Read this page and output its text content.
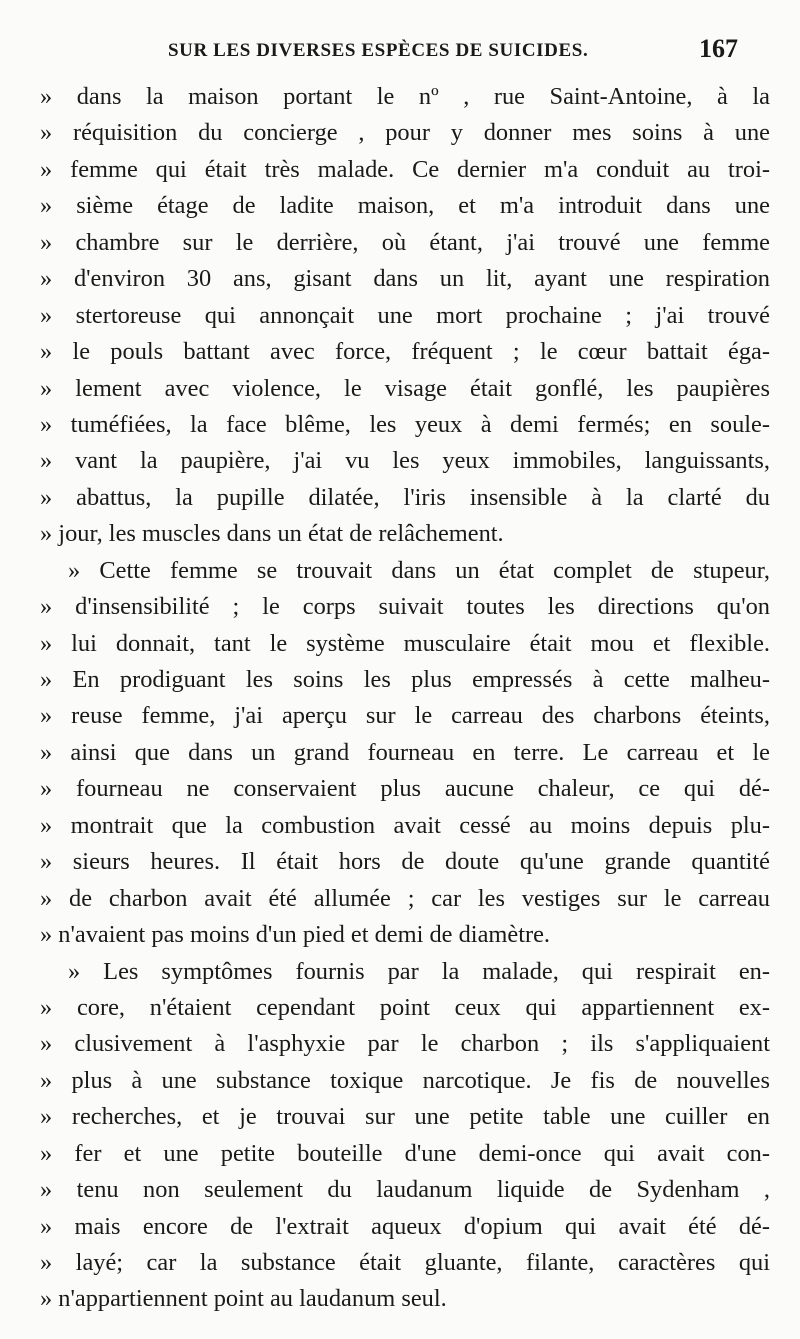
SUR LES DIVERSES ESPÈCES DE SUICIDES.	167
» dans la maison portant le nº , rue Saint-Antoine, à la
» réquisition du concierge , pour y donner mes soins à une
» femme qui était très malade. Ce dernier m'a conduit au troi-
» sième étage de ladite maison, et m'a introduit dans une
» chambre sur le derrière, où étant, j'ai trouvé une femme
» d'environ 30 ans, gisant dans un lit, ayant une respiration
» stertoreuse qui annonçait une mort prochaine ; j'ai trouvé
» le pouls battant avec force, fréquent ; le cœur battait éga-
» lement avec violence, le visage était gonflé, les paupières
» tuméfiées, la face blême, les yeux à demi fermés; en soule-
» vant la paupière, j'ai vu les yeux immobiles, languissants,
» abattus, la pupille dilatée, l'iris insensible à la clarté du
» jour, les muscles dans un état de relâchement.
» Cette femme se trouvait dans un état complet de stupeur,
» d'insensibilité ; le corps suivait toutes les directions qu'on
» lui donnait, tant le système musculaire était mou et flexible.
» En prodiguant les soins les plus empressés à cette malheu-
» reuse femme, j'ai aperçu sur le carreau des charbons éteints,
» ainsi que dans un grand fourneau en terre. Le carreau et le
» fourneau ne conservaient plus aucune chaleur, ce qui dé-
» montrait que la combustion avait cessé au moins depuis plu-
» sieurs heures. Il était hors de doute qu'une grande quantité
» de charbon avait été allumée ; car les vestiges sur le carreau
» n'avaient pas moins d'un pied et demi de diamètre.
» Les symptômes fournis par la malade, qui respirait en-
» core, n'étaient cependant point ceux qui appartiennent ex-
» clusivement à l'asphyxie par le charbon ; ils s'appliquaient
» plus à une substance toxique narcotique. Je fis de nouvelles
» recherches, et je trouvai sur une petite table une cuiller en
» fer et une petite bouteille d'une demi-once qui avait con-
» tenu non seulement du laudanum liquide de Sydenham ,
» mais encore de l'extrait aqueux d'opium qui avait été dé-
» layé; car la substance était gluante, filante, caractères qui
» n'appartiennent point au laudanum seul.
